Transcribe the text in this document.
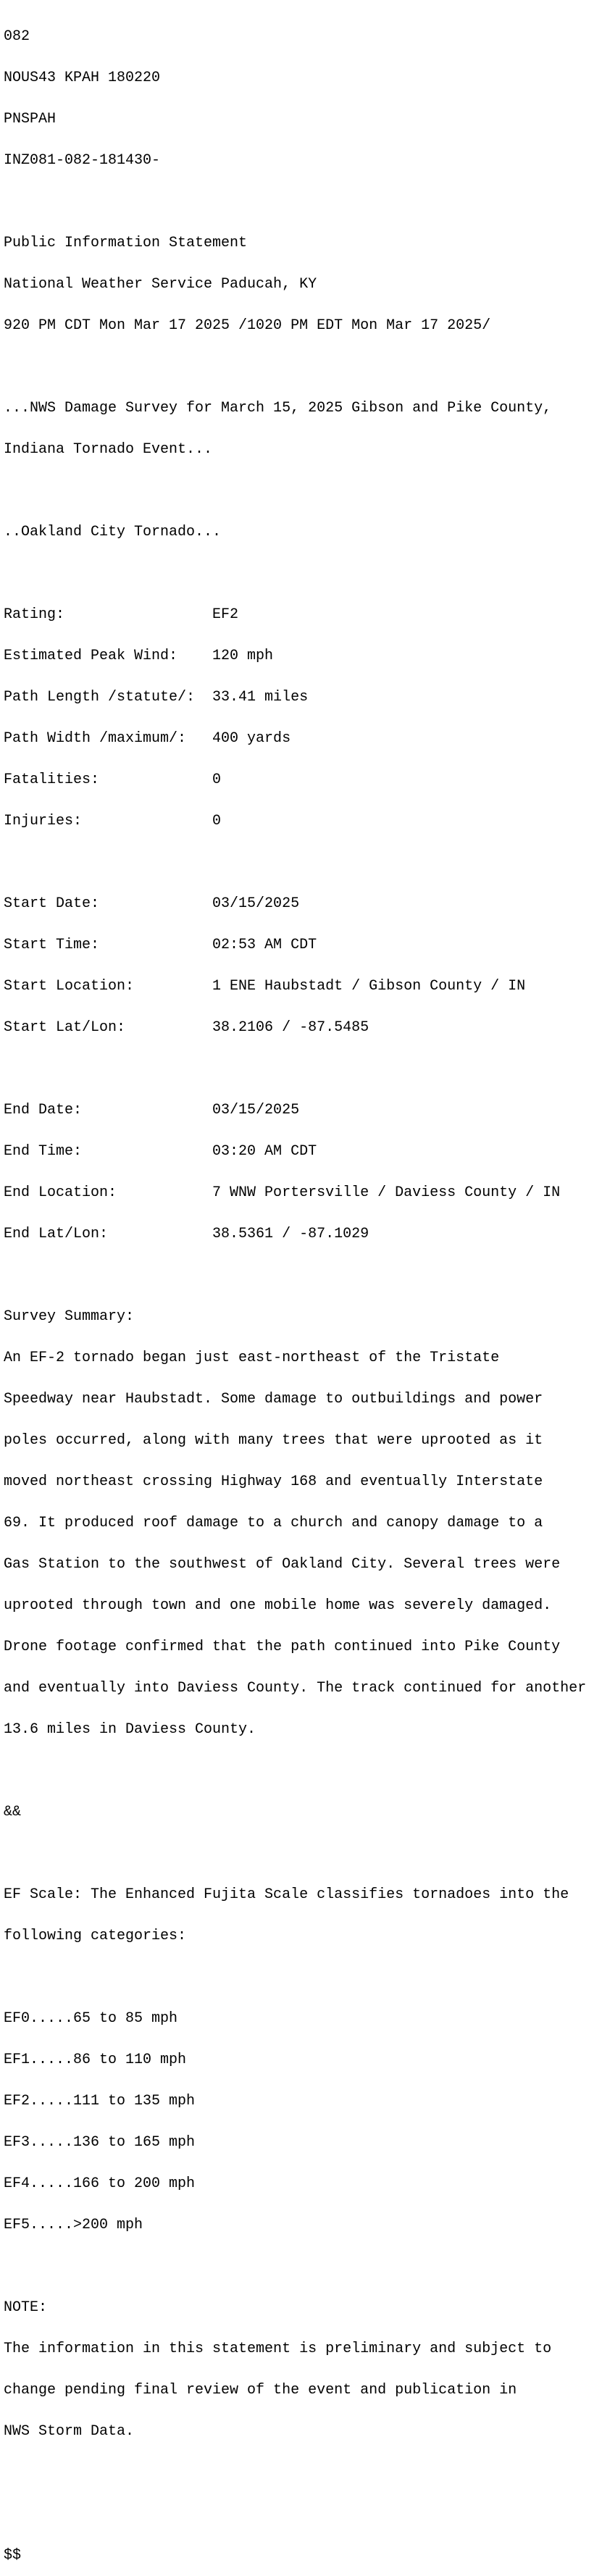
082

NOUS43 KPAH 180220

PNSPAH

INZ081-082-181430-

Public Information Statement

National Weather Service Paducah, KY

920 PM CDT Mon Mar 17 2025 /1020 PM EDT Mon Mar 17 2025/

...NWS Damage Survey for March 15, 2025 Gibson and Pike County,

Indiana Tornado Event...

..Oakland City Tornado...

Rating:                 EF2

Estimated Peak Wind:    120 mph

Path Length /statute/:  33.41 miles

Path Width /maximum/:   400 yards

Fatalities:             0

Injuries:               0

Start Date:             03/15/2025

Start Time:             02:53 AM CDT

Start Location:         1 ENE Haubstadt / Gibson County / IN

Start Lat/Lon:          38.2106 / -87.5485

End Date:               03/15/2025

End Time:               03:20 AM CDT

End Location:           7 WNW Portersville / Daviess County / IN

End Lat/Lon:            38.5361 / -87.1029

Survey Summary:

An EF-2 tornado began just east-northeast of the Tristate

Speedway near Haubstadt. Some damage to outbuildings and power

poles occurred, along with many trees that were uprooted as it

moved northeast crossing Highway 168 and eventually Interstate

69. It produced roof damage to a church and canopy damage to a

Gas Station to the southwest of Oakland City. Several trees were

uprooted through town and one mobile home was severely damaged.

Drone footage confirmed that the path continued into Pike County

and eventually into Daviess County. The track continued for another

13.6 miles in Daviess County.

&&

EF Scale: The Enhanced Fujita Scale classifies tornadoes into the

following categories:

EF0.....65 to 85 mph

EF1.....86 to 110 mph

EF2.....111 to 135 mph

EF3.....136 to 165 mph

EF4.....166 to 200 mph

EF5.....>200 mph

NOTE:

The information in this statement is preliminary and subject to

change pending final review of the event and publication in

NWS Storm Data.

$$
